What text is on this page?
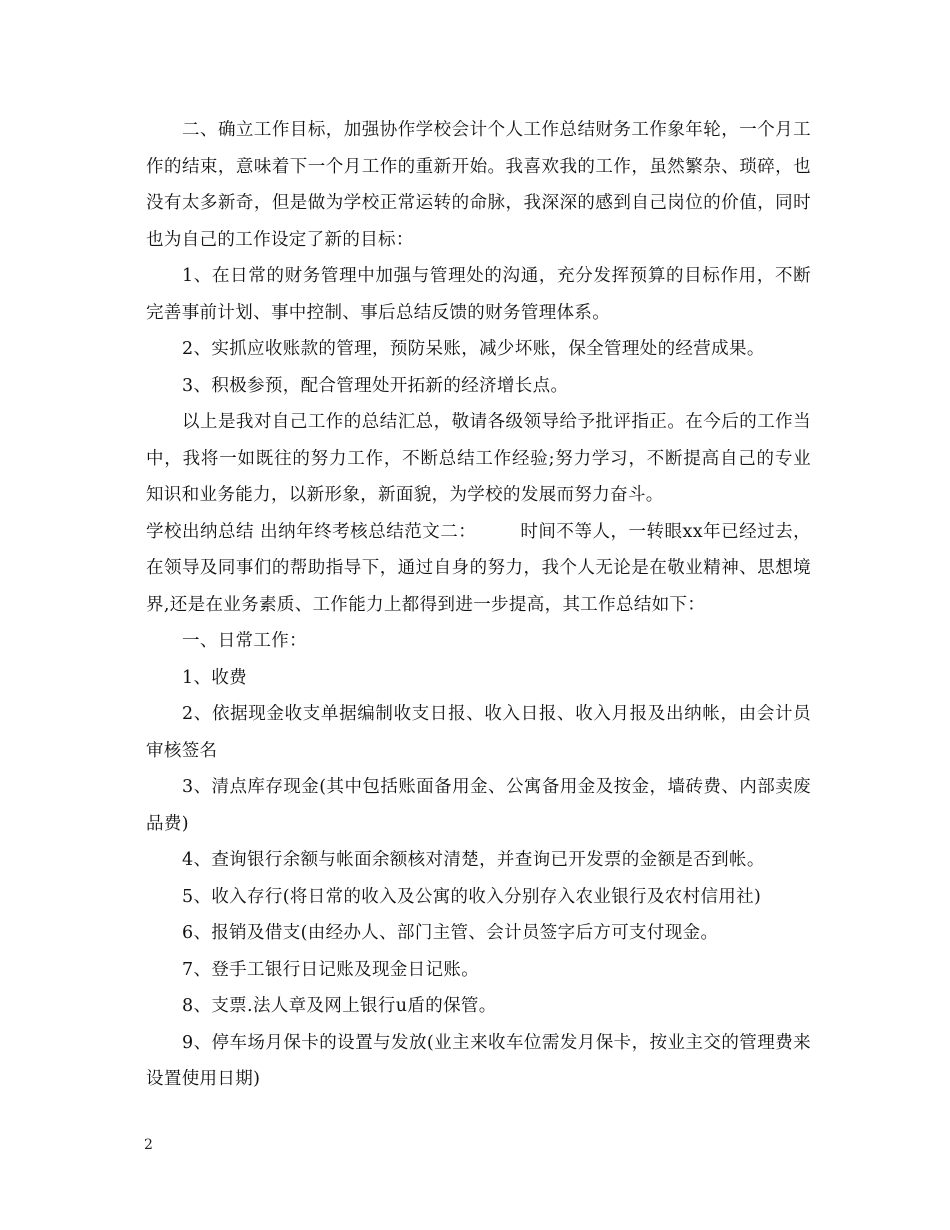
二、确立工作目标，加强协作学校会计个人工作总结财务工作象年轮，一个月工作的结束，意味着下一个月工作的重新开始。我喜欢我的工作，虽然繁杂、琐碎，也没有太多新奇，但是做为学校正常运转的命脉，我深深的感到自己岗位的价值，同时也为自己的工作设定了新的目标：

1、在日常的财务管理中加强与管理处的沟通，充分发挥预算的目标作用，不断完善事前计划、事中控制、事后总结反馈的财务管理体系。

2、实抓应收账款的管理，预防呆账，减少坏账，保全管理处的经营成果。

3、积极参预，配合管理处开拓新的经济增长点。

以上是我对自己工作的总结汇总，敬请各级领导给予批评指正。在今后的工作当中，我将一如既往的努力工作，不断总结工作经验;努力学习，不断提高自己的专业知识和业务能力，以新形象，新面貌，为学校的发展而努力奋斗。

学校出纳总结 出纳年终考核总结范文二：	时间不等人，一转眼xx年已经过去，在领导及同事们的帮助指导下，通过自身的努力，我个人无论是在敬业精神、思想境界,还是在业务素质、工作能力上都得到进一步提高，其工作总结如下：

一、日常工作：

1、收费

2、依据现金收支单据编制收支日报、收入日报、收入月报及出纳帐，由会计员审核签名

3、清点库存现金(其中包括账面备用金、公寓备用金及按金，墙砖费、内部卖废品费)

4、查询银行余额与帐面余额核对清楚，并查询已开发票的金额是否到帐。

5、收入存行(将日常的收入及公寓的收入分别存入农业银行及农村信用社)

6、报销及借支(由经办人、部门主管、会计员签字后方可支付现金。

7、登手工银行日记账及现金日记账。

8、支票.法人章及网上银行u盾的保管。

9、停车场月保卡的设置与发放(业主来收车位需发月保卡，按业主交的管理费来设置使用日期)

2
